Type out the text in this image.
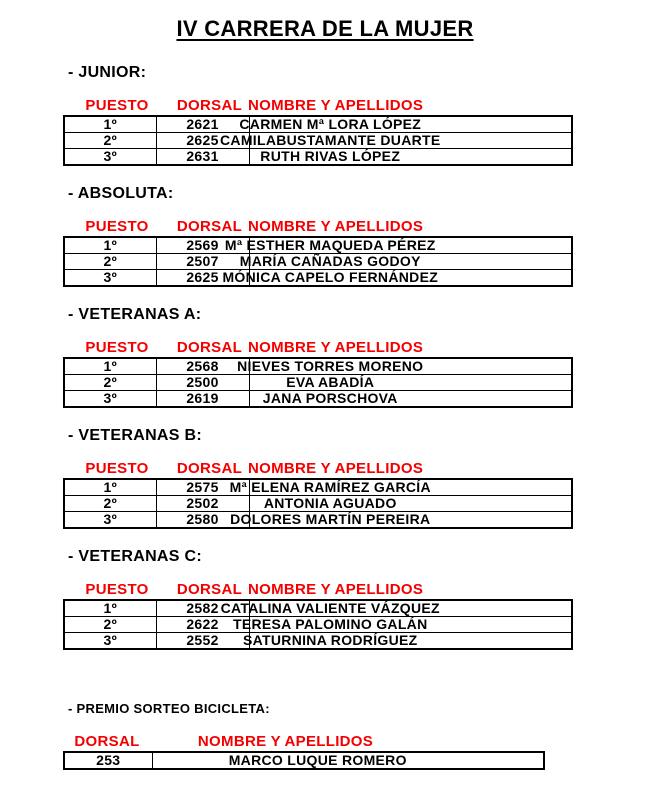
IV CARRERA DE LA MUJER
- JUNIOR:
PUESTO	DORSAL NOMBRE Y APELLIDOS
1º	2621	CARMEN Mª LORA LÓPEZ

2º	2625	CAMILABUSTAMANTE DUARTE

3º	2631	RUTH RIVAS LÓPEZ
- ABSOLUTA:
PUESTO	DORSAL NOMBRE Y APELLIDOS
1º	2569	Mª ESTHER MAQUEDA PÉREZ

2º	2507	MARÍA CAÑADAS GODOY

3º	2625	MÓNICA CAPELO FERNÁNDEZ
- VETERANAS A:
PUESTO	DORSAL NOMBRE Y APELLIDOS
1º	2568	NIEVES TORRES MORENO

2º	2500	EVA ABADÍA

3º	2619	JANA PORSCHOVA
- VETERANAS B:
PUESTO	DORSAL NOMBRE Y APELLIDOS
1º	2575	Mª ELENA RAMÍREZ GARCÍA

2º	2502	ANTONIA AGUADO

3º	2580	DOLORES MARTÍN PEREIRA
- VETERANAS C:
PUESTO	DORSAL NOMBRE Y APELLIDOS
1º	2582	CATALINA VALIENTE VÁZQUEZ

2º	2622	TERESA PALOMINO GALÁN

3º	2552	SATURNINA RODRÍGUEZ
- PREMIO SORTEO BICICLETA:
DORSAL	NOMBRE Y APELLIDOS
253	MARCO LUQUE ROMERO
